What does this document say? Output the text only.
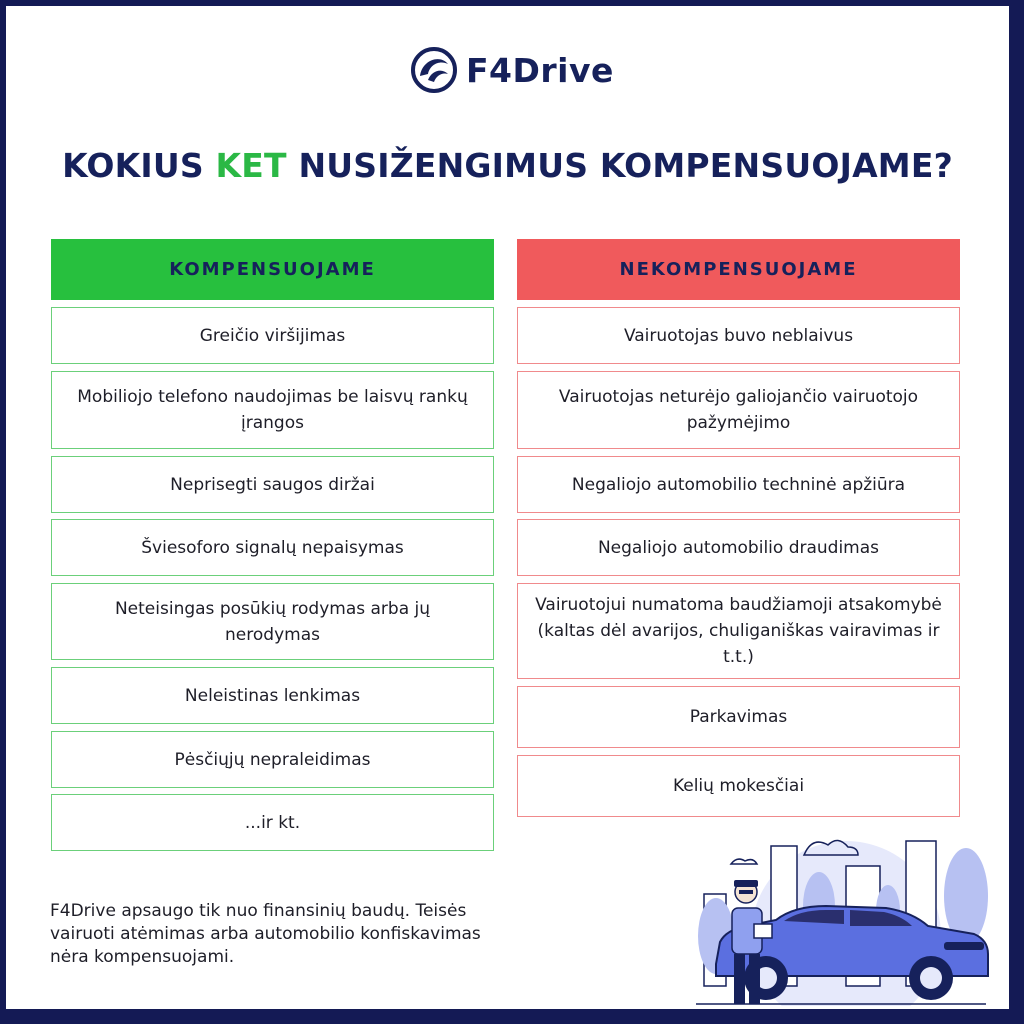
F4Drive
KOKIUS KET NUSIŽENGIMUS KOMPENSUOJAME?
KOMPENSUOJAME
Greičio viršijimas
Mobiliojo telefono naudojimas be laisvų rankų įrangos
Neprisegti saugos diržai
Šviesoforo signalų nepaisymas
Neteisingas posūkių rodymas arba jų nerodymas
Neleistinas lenkimas
Pėsčiųjų nepraleidimas
...ir kt.
NEKOMPENSUOJAME
Vairuotojas buvo neblaivus
Vairuotojas neturėjo galiojančio vairuotojo pažymėjimo
Negaliojo automobilio techninė apžiūra
Negaliojo automobilio draudimas
Vairuotojui numatoma baudžiamoji atsakomybė (kaltas dėl avarijos, chuliganiškas vairavimas ir t.t.)
Parkavimas
Kelių mokesčiai
F4Drive apsaugo tik nuo finansinių baudų. Teisės vairuoti atėmimas arba automobilio konfiskavimas nėra kompensuojami.
